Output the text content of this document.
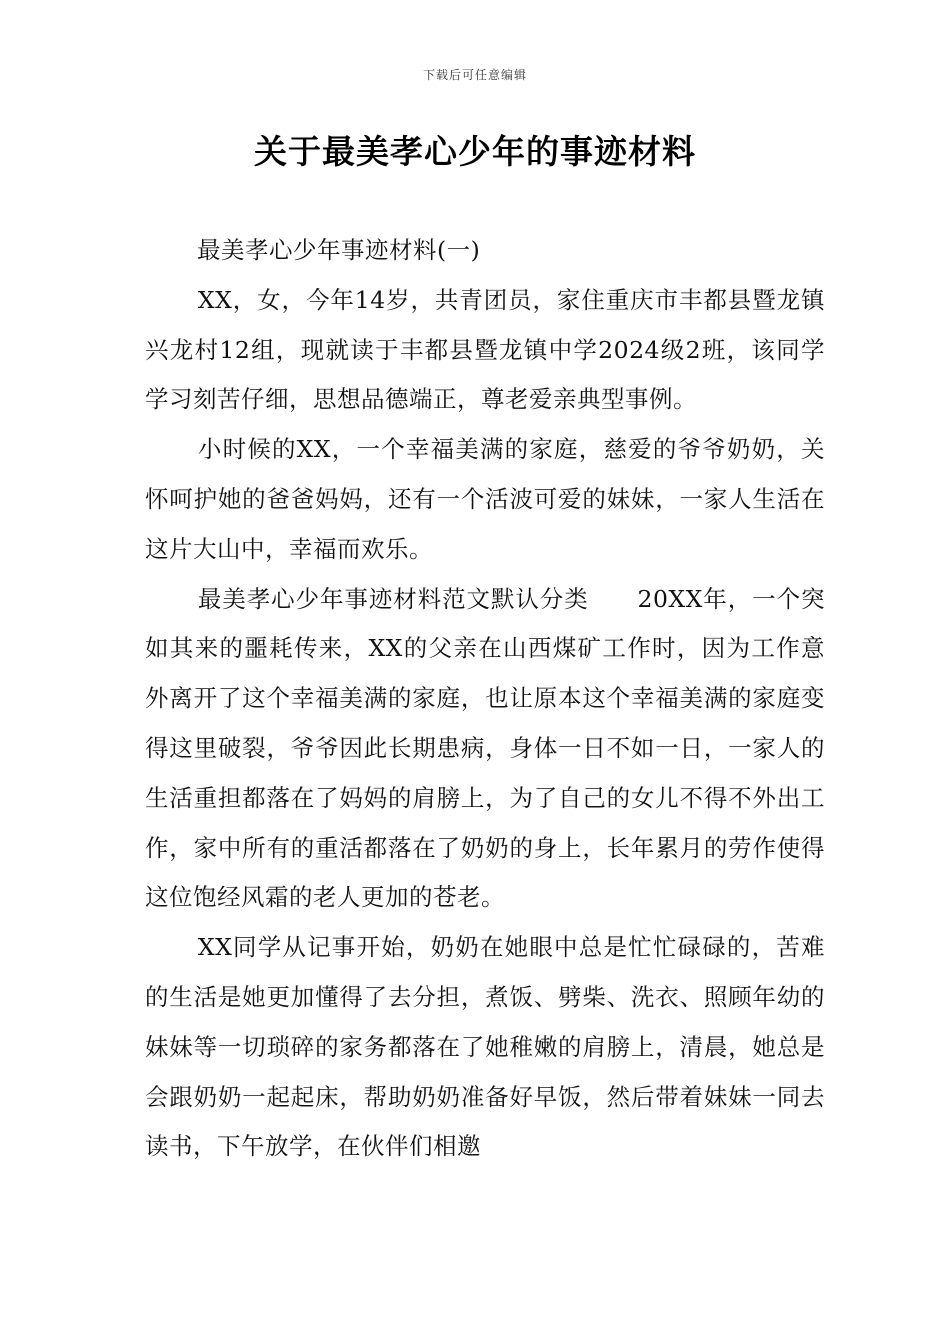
下载后可任意编辑
关于最美孝心少年的事迹材料
最美孝心少年事迹材料(一)

XX，女，今年14岁，共青团员，家住重庆市丰都县暨龙镇兴龙村12组，现就读于丰都县暨龙镇中学2024级2班，该同学学习刻苦仔细，思想品德端正，尊老爱亲典型事例。

小时候的XX，一个幸福美满的家庭，慈爱的爷爷奶奶，关怀呵护她的爸爸妈妈，还有一个活波可爱的妹妹，一家人生活在这片大山中，幸福而欢乐。

最美孝心少年事迹材料范文默认分类　　20XX年，一个突如其来的噩耗传来，XX的父亲在山西煤矿工作时，因为工作意外离开了这个幸福美满的家庭，也让原本这个幸福美满的家庭变得这里破裂，爷爷因此长期患病，身体一日不如一日，一家人的生活重担都落在了妈妈的肩膀上，为了自己的女儿不得不外出工作，家中所有的重活都落在了奶奶的身上，长年累月的劳作使得这位饱经风霜的老人更加的苍老。

XX同学从记事开始，奶奶在她眼中总是忙忙碌碌的，苦难的生活是她更加懂得了去分担，煮饭、劈柴、洗衣、照顾年幼的妹妹等一切琐碎的家务都落在了她稚嫩的肩膀上，清晨，她总是会跟奶奶一起起床，帮助奶奶准备好早饭，然后带着妹妹一同去读书，下午放学，在伙伴们相邀
